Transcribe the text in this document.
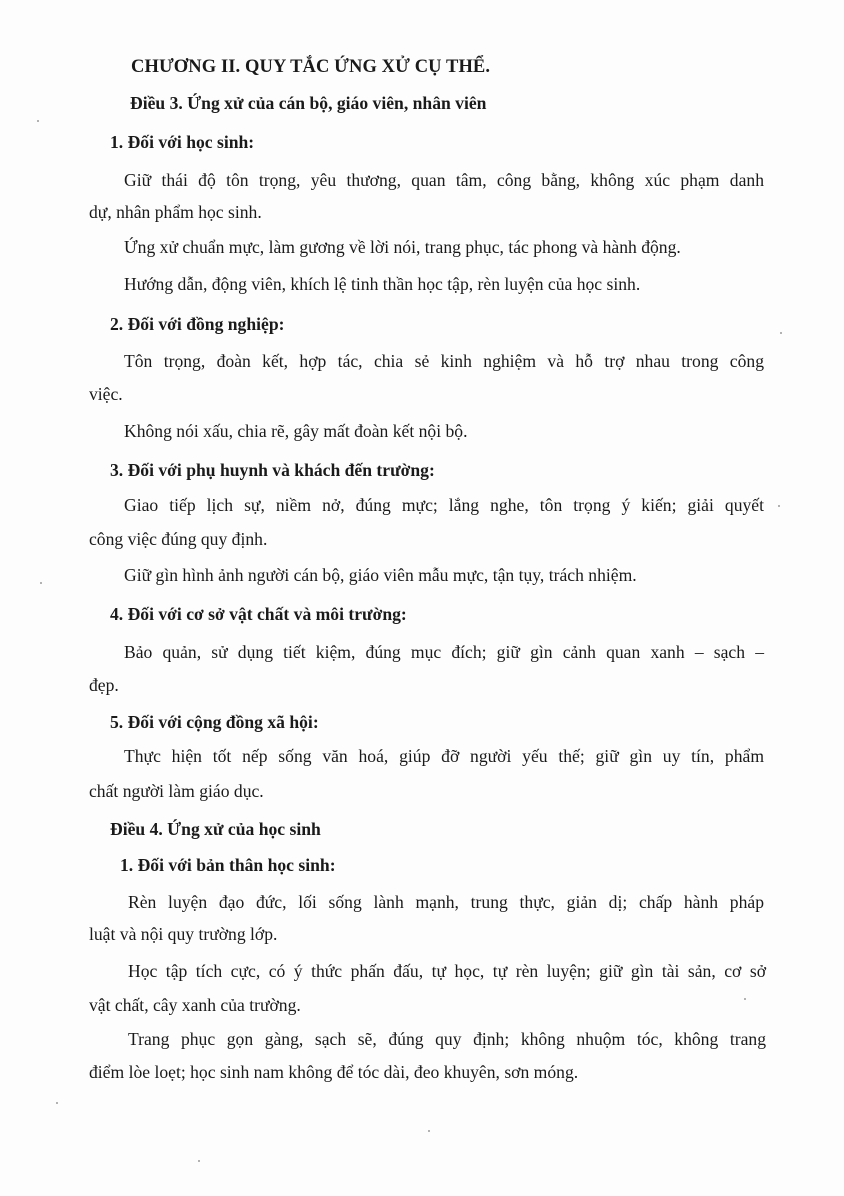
CHƯƠNG II. QUY TẮC ỨNG XỬ CỤ THỂ.
Điều 3. Ứng xử của cán bộ, giáo viên, nhân viên
1. Đối với học sinh:
Giữ thái độ tôn trọng, yêu thương, quan tâm, công bằng, không xúc phạm danh
dự, nhân phẩm học sinh.
Ứng xử chuẩn mực, làm gương về lời nói, trang phục, tác phong và hành động.
Hướng dẫn, động viên, khích lệ tinh thần học tập, rèn luyện của học sinh.
2. Đối với đồng nghiệp:
Tôn trọng, đoàn kết, hợp tác, chia sẻ kinh nghiệm và hỗ trợ nhau trong công
việc.
Không nói xấu, chia rẽ, gây mất đoàn kết nội bộ.
3. Đối với phụ huynh và khách đến trường:
Giao tiếp lịch sự, niềm nở, đúng mực; lắng nghe, tôn trọng ý kiến; giải quyết
công việc đúng quy định.
Giữ gìn hình ảnh người cán bộ, giáo viên mẫu mực, tận tụy, trách nhiệm.
4. Đối với cơ sở vật chất và môi trường:
Bảo quản, sử dụng tiết kiệm, đúng mục đích; giữ gìn cảnh quan xanh – sạch –
đẹp.
5. Đối với cộng đồng xã hội:
Thực hiện tốt nếp sống văn hoá, giúp đỡ người yếu thế; giữ gìn uy tín, phẩm
chất người làm giáo dục.
Điều 4. Ứng xử của học sinh
1. Đối với bản thân học sinh:
Rèn luyện đạo đức, lối sống lành mạnh, trung thực, giản dị; chấp hành pháp
luật và nội quy trường lớp.
Học tập tích cực, có ý thức phấn đấu, tự học, tự rèn luyện; giữ gìn tài sản, cơ sở
vật chất, cây xanh của trường.
Trang phục gọn gàng, sạch sẽ, đúng quy định; không nhuộm tóc, không trang
điểm lòe loẹt; học sinh nam không để tóc dài, đeo khuyên, sơn móng.
